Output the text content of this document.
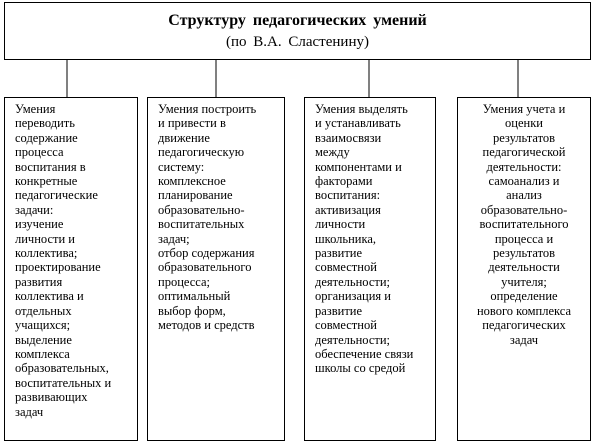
Структуру педагогических умений
(по В.А. Сластенину)
Умения
переводить
содержание
процесса
воспитания в
конкретные
педагогические
задачи:
изучение
личности и
коллектива;
проектирование
развития
коллектива и
отдельных
учащихся;
выделение
комплекса
образовательных,
воспитательных и
развивающих
задач
Умения построить
и привести в
движение
педагогическую
систему:
комплексное
планирование
образовательно-
воспитательных
задач;
отбор содержания
образовательного
процесса;
оптимальный
выбор форм,
методов и средств
Умения выделять
и устанавливать
взаимосвязи
между
компонентами и
факторами
воспитания:
активизация
личности
школьника,
развитие
совместной
деятельности;
организация и
развитие
совместной
деятельности;
обеспечение связи
школы со средой
Умения учета и
оценки
результатов
педагогической
деятельности:
самоанализ и
анализ
образовательно-
воспитательного
процесса и
результатов
деятельности
учителя;
определение
нового комплекса
педагогических
задач
